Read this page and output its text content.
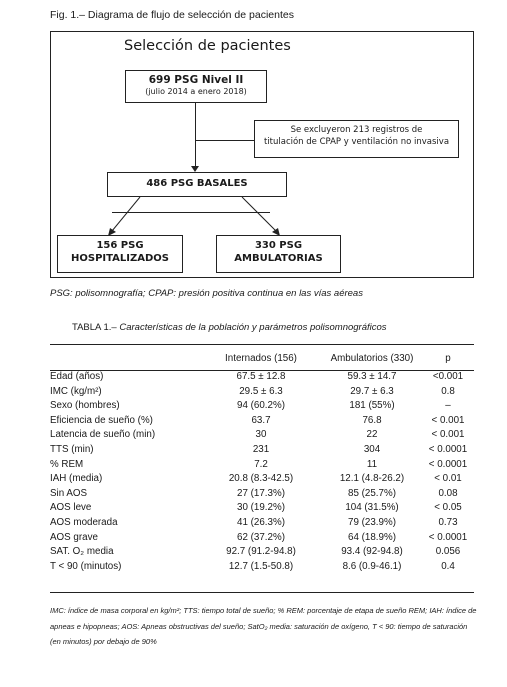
Fig. 1.– Diagrama de flujo de selección de pacientes
Selección de pacientes
699 PSG Nivel II
(julio 2014 a enero 2018)
Se excluyeron 213 registros de
titulación de CPAP y ventilación no invasiva
486 PSG BASALES
156 PSG
HOSPITALIZADOS
330 PSG
AMBULATORIAS
PSG: polisomnografía; CPAP: presión positiva continua en las vías aéreas
TABLA 1.– Características de la población y parámetros polisomnográficos
	Internados (156)	Ambulatorios (330)	p
Edad (años)	67.5 ± 12.8	59.3 ± 14.7	<0.001
IMC (kg/m²)	29.5 ± 6.3	29.7 ± 6.3	0.8
Sexo (hombres)	94 (60.2%)	181 (55%)	–
Eficiencia de sueño (%)	63.7	76.8	< 0.001
Latencia de sueño (min)	30	22	< 0.001
TTS (min)	231	304	< 0.0001
% REM	7.2	11	< 0.0001
IAH (media)	20.8 (8.3-42.5)	12.1 (4.8-26.2)	< 0.01
Sin AOS	27 (17.3%)	85 (25.7%)	0.08
AOS leve	30 (19.2%)	104 (31.5%)	< 0.05
AOS moderada	41 (26.3%)	79 (23.9%)	0.73
AOS grave	62 (37.2%)	64 (18.9%)	< 0.0001
SAT. O₂ media	92.7 (91.2-94.8)	93.4 (92-94.8)	0.056
T < 90 (minutos)	12.7 (1.5-50.8)	8.6 (0.9-46.1)	0.4
IMC: índice de masa corporal en kg/m²; TTS: tiempo total de sueño; % REM: porcentaje de etapa de sueño REM; IAH: índice de apneas e hipopneas; AOS: Apneas obstructivas del sueño; SatO₂ media: saturación de oxígeno, T < 90: tiempo de saturación (en minutos) por debajo de 90%
